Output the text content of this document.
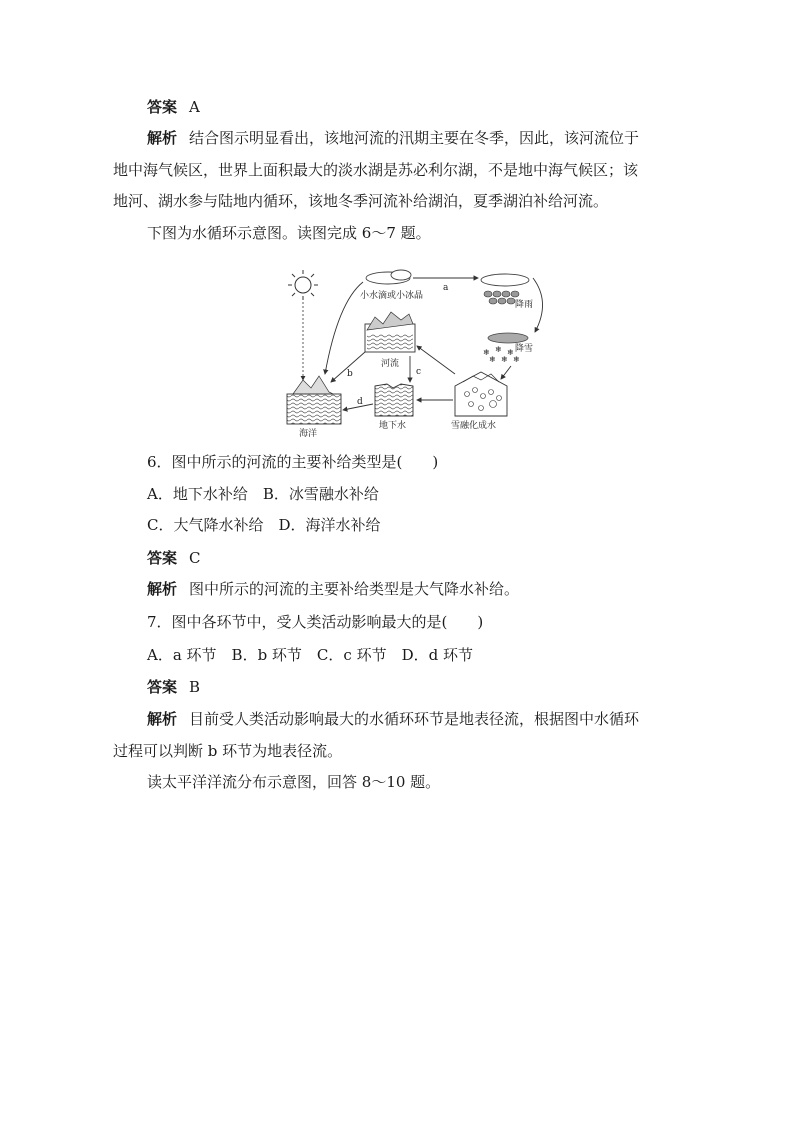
答案 A
解析 结合图示明显看出，该地河流的汛期主要在冬季，因此，该河流位于
地中海气候区，世界上面积最大的淡水湖是苏必利尔湖，不是地中海气候区；该
地河、湖水参与陆地内循环，该地冬季河流补给湖泊，夏季湖泊补给河流。
下图为水循环示意图。读图完成 6～7 题。
小水滴或小冰晶
a
降雨
❄ ❄ ❄
❄ ❄ ❄
降雪
河流
b	c
海洋
地下水
d
雪融化成水
6．图中所示的河流的主要补给类型是(　　)
A．地下水补给　B．冰雪融水补给
C．大气降水补给　D．海洋水补给
答案 C
解析 图中所示的河流的主要补给类型是大气降水补给。
7．图中各环节中，受人类活动影响最大的是(　　)
A．a 环节　B．b 环节　C．c 环节　D．d 环节
答案 B
解析 目前受人类活动影响最大的水循环环节是地表径流，根据图中水循环
过程可以判断 b 环节为地表径流。
读太平洋洋流分布示意图，回答 8～10 题。
